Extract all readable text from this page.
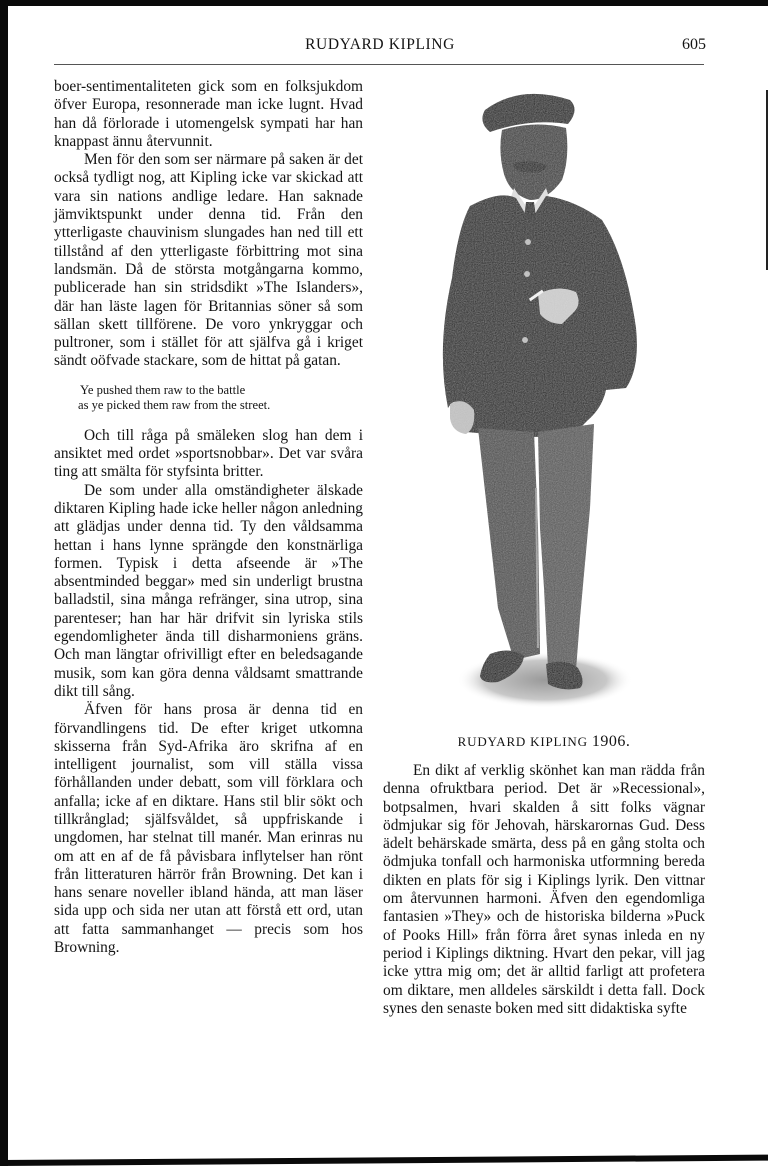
RUDYARD KIPLING	605

boer-sentimentaliteten gick som en folksjukdom öfver Europa, resonnerade man icke lugnt. Hvad han då förlorade i utomengelsk sympati har han knappast ännu återvunnit.

Men för den som ser närmare på saken är det också tydligt nog, att Kipling icke var skickad att vara sin nations andlige ledare. Han saknade jämviktspunkt under denna tid. Från den ytterligaste chauvinism slungades han ned till ett tillstånd af den ytterligaste förbittring mot sina landsmän. Då de största motgångarna kommo, publicerade han sin stridsdikt »The Islanders», där han läste lagen för Britannias söner så som sällan skett tillförene. De voro ynkryggar och pultroner, som i stället för att själfva gå i kriget sändt oöfvade stackare, som de hittat på gatan.

Ye pushed them raw to the battle
as ye picked them raw from the street.

Och till råga på smäleken slog han dem i ansiktet med ordet »sportsnobbar». Det var svåra ting att smälta för styfsinta britter.

De som under alla omständigheter älskade diktaren Kipling hade icke heller någon anledning att glädjas under denna tid. Ty den våldsamma hettan i hans lynne sprängde den konstnärliga formen. Typisk i detta afseende är »The absentminded beggar» med sin underligt brustna balladstil, sina många refränger, sina utrop, sina parenteser; han har här drifvit sin lyriska stils egendomligheter ända till disharmoniens gräns. Och man längtar ofrivilligt efter en beledsagande musik, som kan göra denna våldsamt smattrande dikt till sång.

Äfven för hans prosa är denna tid en förvandlingens tid. De efter kriget utkomna skisserna från Syd-Afrika äro skrifna af en intelligent journalist, som vill ställa vissa förhållanden under debatt, som vill förklara och anfalla; icke af en diktare. Hans stil blir sökt och tillkrånglad; själfsvåldet, så uppfriskande i ungdomen, har stelnat till manér. Man erinras nu om att en af de få påvisbara inflytelser han rönt från litteraturen härrör från Browning. Det kan i hans senare noveller ibland hända, att man läser sida upp och sida ner utan att förstå ett ord, utan att fatta sammanhanget — precis som hos Browning.

RUDYARD KIPLING 1906.

En dikt af verklig skönhet kan man rädda från denna ofruktbara period. Det är »Recessional», botpsalmen, hvari skalden å sitt folks vägnar ödmjukar sig för Jehovah, härskarornas Gud. Dess ädelt behärskade smärta, dess på en gång stolta och ödmjuka tonfall och harmoniska utformning bereda dikten en plats för sig i Kiplings lyrik. Den vittnar om återvunnen harmoni. Äfven den egendomliga fantasien »They» och de historiska bilderna »Puck of Pooks Hill» från förra året synas inleda en ny period i Kiplings diktning. Hvart den pekar, vill jag icke yttra mig om; det är alltid farligt att profetera om diktare, men alldeles särskildt i detta fall. Dock synes den senaste boken med sitt didaktiska syfte
